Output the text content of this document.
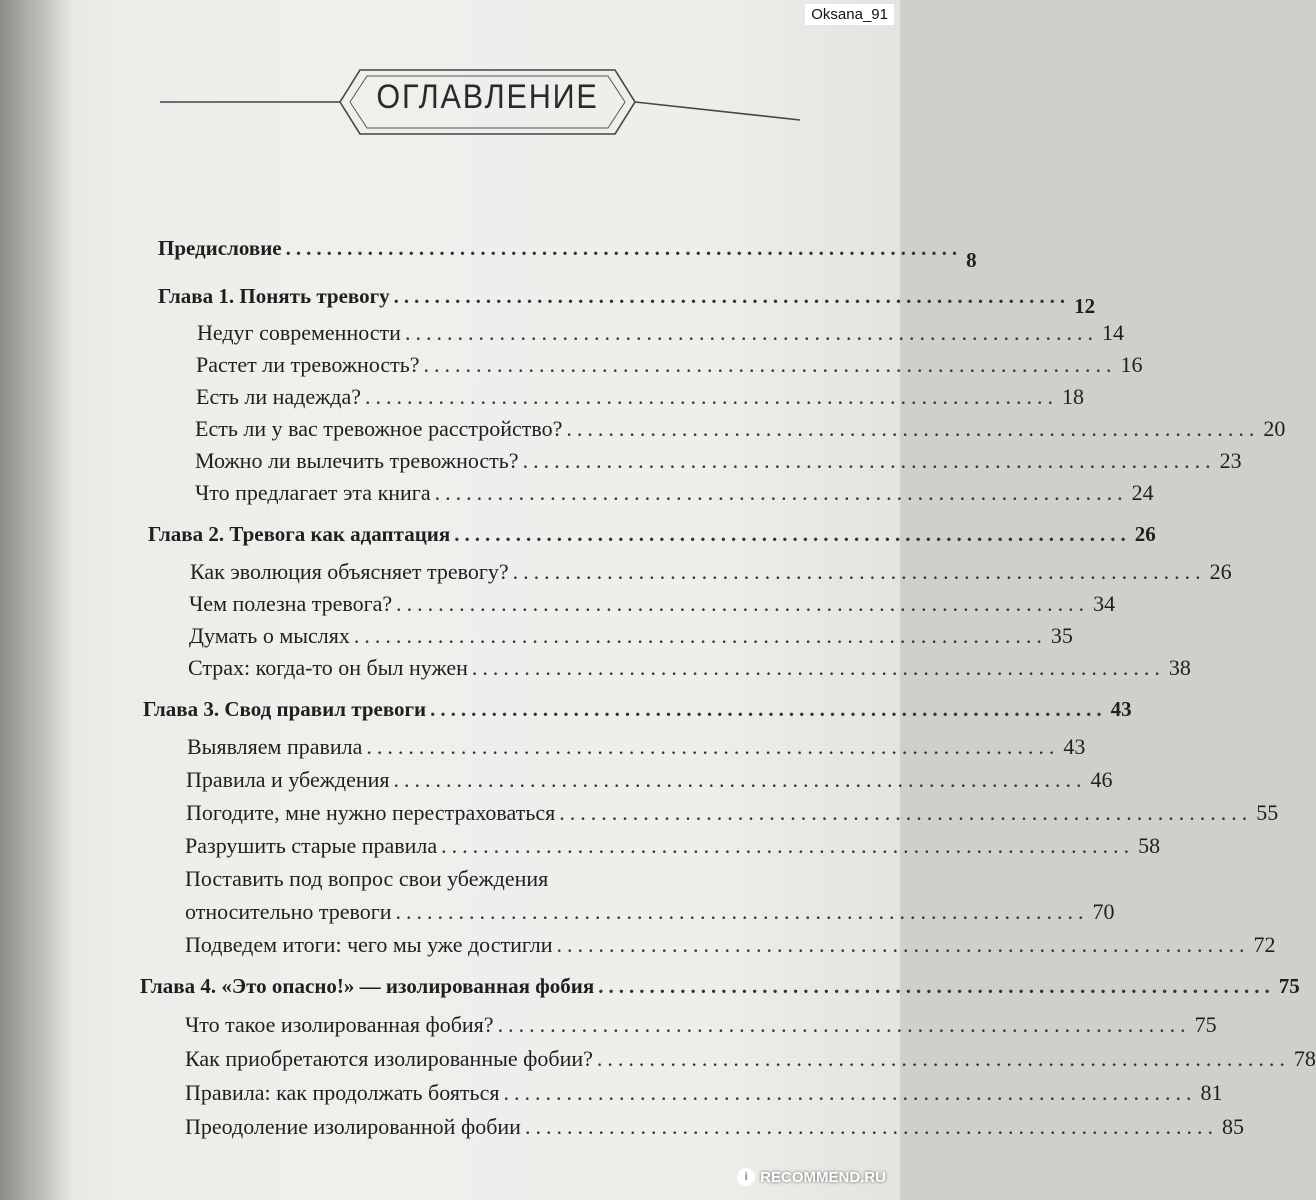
ОГЛАВЛЕНИЕ
Предисловие .................................................................. 8
Глава 1. Понять тревогу .................................................................. 12
Недуг современности .................................................................. 14
Растет ли тревожность? .................................................................. 16
Есть ли надежда? .................................................................. 18
Есть ли у вас тревожное расстройство? .................................................................. 20
Можно ли вылечить тревожность? .................................................................. 23
Что предлагает эта книга .................................................................. 24
Глава 2. Тревога как адаптация .................................................................. 26
Как эволюция объясняет тревогу? .................................................................. 26
Чем полезна тревога? .................................................................. 34
Думать о мыслях .................................................................. 35
Страх: когда-то он был нужен .................................................................. 38
Глава 3. Свод правил тревоги .................................................................. 43
Выявляем правила .................................................................. 43
Правила и убеждения .................................................................. 46
Погодите, мне нужно перестраховаться .................................................................. 55
Разрушить старые правила .................................................................. 58
Поставить под вопрос свои убеждения
относительно тревоги .................................................................. 70
Подведем итоги: чего мы уже достигли .................................................................. 72
Глава 4. «Это опасно!» — изолированная фобия .................................................................. 75
Что такое изолированная фобия? .................................................................. 75
Как приобретаются изолированные фобии? .................................................................. 78
Правила: как продолжать бояться .................................................................. 81
Преодоление изолированной фобии .................................................................. 85
Oksana_91
i RECOMMEND.RU
